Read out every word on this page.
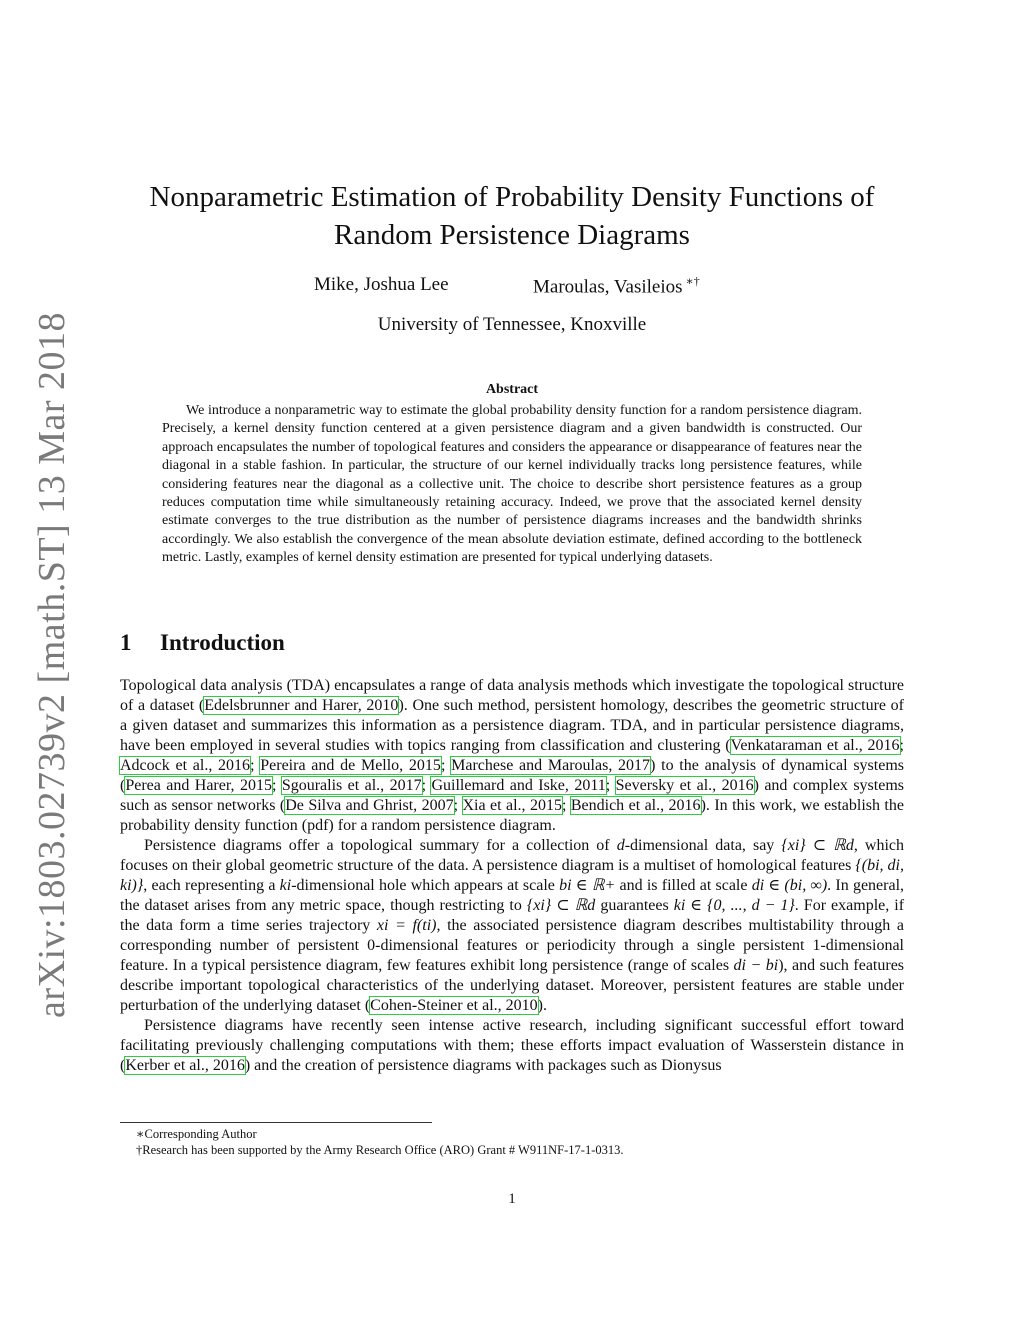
arXiv:1803.02739v2 [math.ST] 13 Mar 2018
Nonparametric Estimation of Probability Density Functions of Random Persistence Diagrams
Mike, Joshua Lee	Maroulas, Vasileios ∗†
University of Tennessee, Knoxville
Abstract
We introduce a nonparametric way to estimate the global probability density function for a random persistence diagram. Precisely, a kernel density function centered at a given persistence diagram and a given bandwidth is constructed. Our approach encapsulates the number of topological features and considers the appearance or disappearance of features near the diagonal in a stable fashion. In particular, the structure of our kernel individually tracks long persistence features, while considering features near the diagonal as a collective unit. The choice to describe short persistence features as a group reduces computation time while simultaneously retaining accuracy. Indeed, we prove that the associated kernel density estimate converges to the true distribution as the number of persistence diagrams increases and the bandwidth shrinks accordingly. We also establish the convergence of the mean absolute deviation estimate, defined according to the bottleneck metric. Lastly, examples of kernel density estimation are presented for typical underlying datasets.
1 Introduction

Topological data analysis (TDA) encapsulates a range of data analysis methods which investigate the topological structure of a dataset (Edelsbrunner and Harer, 2010). One such method, persistent homology, describes the geometric structure of a given dataset and summarizes this information as a persistence diagram. TDA, and in particular persistence diagrams, have been employed in several studies with topics ranging from classification and clustering (Venkataraman et al., 2016; Adcock et al., 2016; Pereira and de Mello, 2015; Marchese and Maroulas, 2017) to the analysis of dynamical systems (Perea and Harer, 2015; Sgouralis et al., 2017; Guillemard and Iske, 2011; Seversky et al., 2016) and complex systems such as sensor networks (De Silva and Ghrist, 2007; Xia et al., 2015; Bendich et al., 2016). In this work, we establish the probability density function (pdf) for a random persistence diagram.

Persistence diagrams offer a topological summary for a collection of d-dimensional data, say {xi} ⊂ ℝd, which focuses on their global geometric structure of the data. A persistence diagram is a multiset of homological features {(bi, di, ki)}, each representing a ki-dimensional hole which appears at scale bi ∈ ℝ+ and is filled at scale di ∈ (bi, ∞). In general, the dataset arises from any metric space, though restricting to {xi} ⊂ ℝd guarantees ki ∈ {0, ..., d − 1}. For example, if the data form a time series trajectory xi = f(ti), the associated persistence diagram describes multistability through a corresponding number of persistent 0-dimensional features or periodicity through a single persistent 1-dimensional feature. In a typical persistence diagram, few features exhibit long persistence (range of scales di − bi), and such features describe important topological characteristics of the underlying dataset. Moreover, persistent features are stable under perturbation of the underlying dataset (Cohen-Steiner et al., 2010).

Persistence diagrams have recently seen intense active research, including significant successful effort toward facilitating previously challenging computations with them; these efforts impact evaluation of Wasserstein distance in (Kerber et al., 2016) and the creation of persistence diagrams with packages such as Dionysus

∗Corresponding Author
†Research has been supported by the Army Research Office (ARO) Grant # W911NF-17-1-0313.
1
